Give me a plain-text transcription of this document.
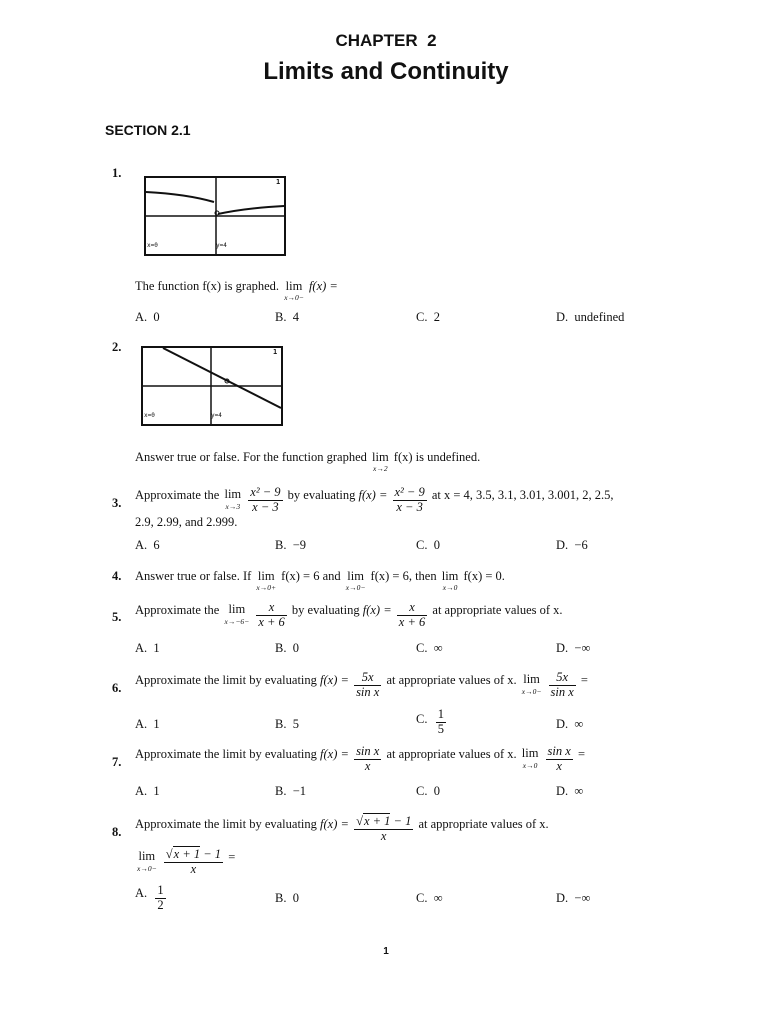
CHAPTER  2
Limits and Continuity
SECTION 2.1
1.
x=0	y=4
1
The function f(x) is graphed. lim
x→0−
f(x) =
A. 0	B. 4	C. 2	D. undefined
2.
x=0	y=4
1
Answer true or false. For the function graphed lim
x→2
f(x) is undefined.
3.
Approximate the lim
x→3
$\frac{\text{x² − 9}}{x - 3}$ by evaluating $f(x) = \frac{\text{x² − 9}}{x - 3}$ at x = 4, 3.5, 3.1, 3.01, 3.001, 2, 2.5,
2.9, 2.99, and 2.999.
A. 6	B. −9	C. 0	D. −6
4. Answer true or false. If lim
x→0+
f(x) = 6 and lim
x→0−
f(x) = 6, then lim
x→0
f(x) = 0.
5.
Approximate the lim
x→−6−
$\frac{x}{x + 6}$ by evaluating $f(x) = \frac{x}{x + 6}$ at appropriate values of x.
A. 1	B. 0	C. ∞	D. −∞
6.
Approximate the limit by evaluating $f(x) = \frac{5x}{\text{sin x}}$ at appropriate values of x. lim
x→0−
$\frac{5x}{\text{sin x}}$ =
A. 1	B. 5	C. $\frac{1}{5}$	D. ∞
7.
Approximate the limit by evaluating $f(x) = \frac{\text{sin x}}{x}$ at appropriate values of x. lim
x→0
$\frac{\text{sin x}}{x}$ =
A. 1	B. −1	C. 0	D. ∞
8.
Approximate the limit by evaluating $f(x) = \frac{√x + 1 - 1}{x}$ at appropriate values of x.
lim
x→0−
$\frac{√x + 1 - 1}{x}$ =
A. $\frac{1}{2}$	B. 0	C. ∞	D. −∞
1
